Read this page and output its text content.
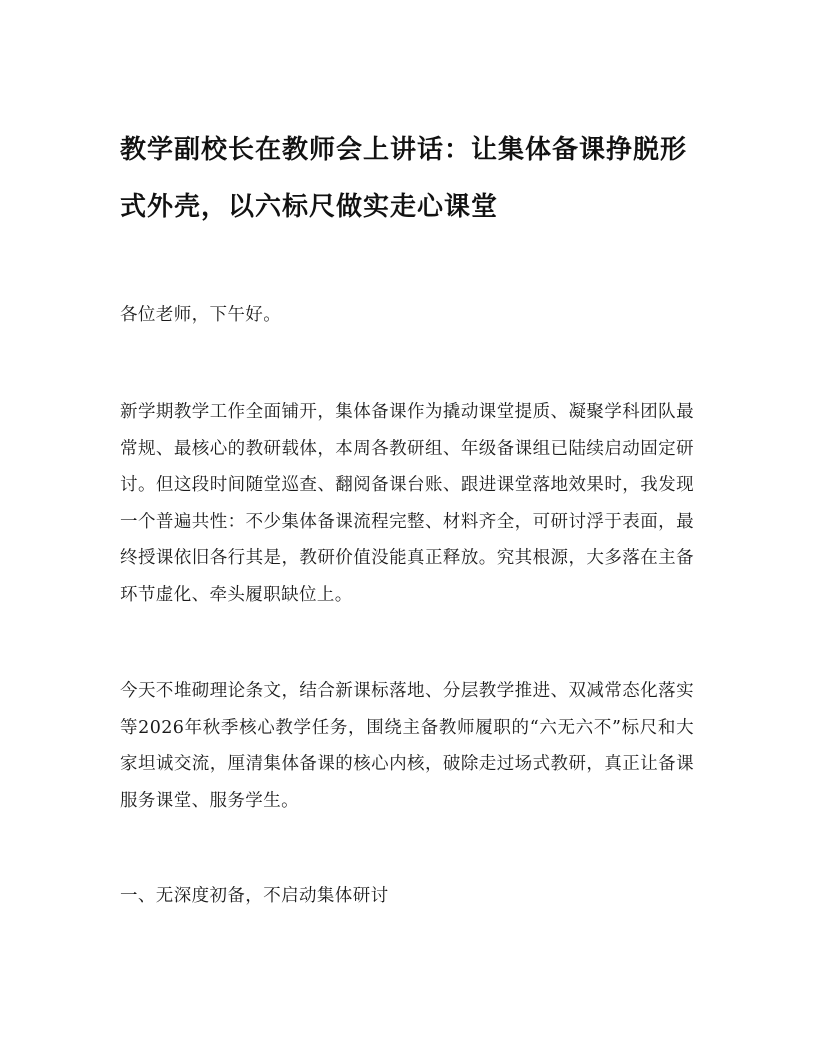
教学副校长在教师会上讲话：让集体备课挣脱形式外壳，以六标尺做实走心课堂

各位老师，下午好。

新学期教学工作全面铺开，集体备课作为撬动课堂提质、凝聚学科团队最常规、最核心的教研载体，本周各教研组、年级备课组已陆续启动固定研讨。但这段时间随堂巡查、翻阅备课台账、跟进课堂落地效果时，我发现一个普遍共性：不少集体备课流程完整、材料齐全，可研讨浮于表面，最终授课依旧各行其是，教研价值没能真正释放。究其根源，大多落在主备环节虚化、牵头履职缺位上。

今天不堆砌理论条文，结合新课标落地、分层教学推进、双减常态化落实等2026年秋季核心教学任务，围绕主备教师履职的“六无六不”标尺和大家坦诚交流，厘清集体备课的核心内核，破除走过场式教研，真正让备课服务课堂、服务学生。

一、无深度初备，不启动集体研讨
